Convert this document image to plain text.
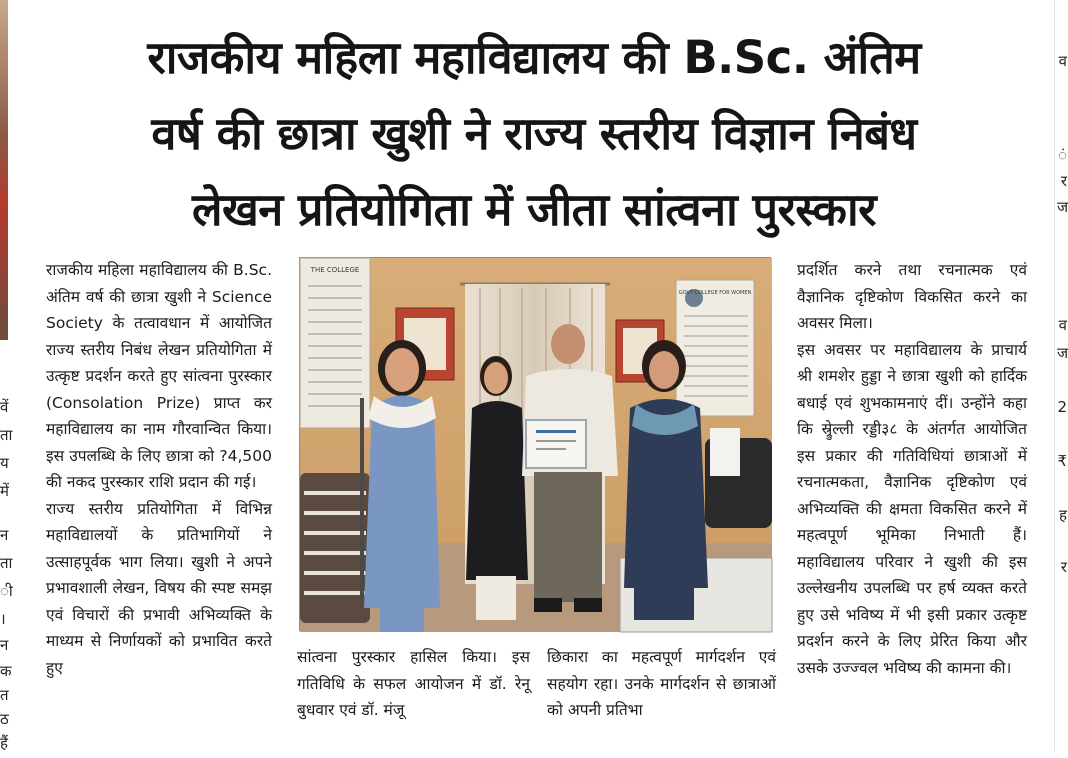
वें
ता
य
में
न
ता
ी
।
न
क
त
ठ
हैं
व
ं
र
ज
व
ज
2
₹
ह
र
राजकीय महिला महाविद्यालय की B.Sc. अंतिम
वर्ष की छात्रा खुशी ने राज्य स्तरीय विज्ञान निबंध
लेखन प्रतियोगिता में जीता सांत्वना पुरस्कार

राजकीय महिला महाविद्यालय की B.Sc. अंतिम वर्ष की छात्रा खुशी ने Science Society के तत्वावधान में आयोजित राज्य स्तरीय निबंध लेखन प्रतियोगिता में उत्कृष्ट प्रदर्शन करते हुए सांत्वना पुरस्कार (Consolation Prize) प्राप्त कर महाविद्यालय का नाम गौरवान्वित किया। इस उपलब्धि के लिए छात्रा को ?4,500 की नकद पुरस्कार राशि प्रदान की गई।

राज्य स्तरीय प्रतियोगिता में विभिन्न महाविद्यालयों के प्रतिभागियों ने उत्साहपूर्वक भाग लिया। खुशी ने अपने प्रभावशाली लेखन, विषय की स्पष्ट समझ एवं विचारों की प्रभावी अभिव्यक्ति के माध्यम से निर्णायकों को प्रभावित करते हुए

THE COLLEGE
GOVT COLLEGE FOR WOMEN

सांत्वना पुरस्कार हासिल किया। इस गतिविधि के सफल आयोजन में डॉ. रेनू बुधवार एवं डॉ. मंजू

छिकारा का महत्वपूर्ण मार्गदर्शन एवं सहयोग रहा। उनके मार्गदर्शन से छात्राओं को अपनी प्रतिभा

प्रदर्शित करने तथा रचनात्मक एवं वैज्ञानिक दृष्टिकोण विकसित करने का अवसर मिला।

इस अवसर पर महाविद्यालय के प्राचार्य श्री शमशेर हुड्डा ने छात्रा खुशी को हार्दिक बधाई एवं शुभकामनाएं दीं। उन्होंने कहा कि स्र्रुेल्ली रड्डी३८ के अंतर्गत आयोजित इस प्रकार की गतिविधियां छात्राओं में रचनात्मकता, वैज्ञानिक दृष्टिकोण एवं अभिव्यक्ति की क्षमता विकसित करने में महत्वपूर्ण भूमिका निभाती हैं। महाविद्यालय परिवार ने खुशी की इस उल्लेखनीय उपलब्धि पर हर्ष व्यक्त करते हुए उसे भविष्य में भी इसी प्रकार उत्कृष्ट प्रदर्शन करने के लिए प्रेरित किया और उसके उज्ज्वल भविष्य की कामना की।
